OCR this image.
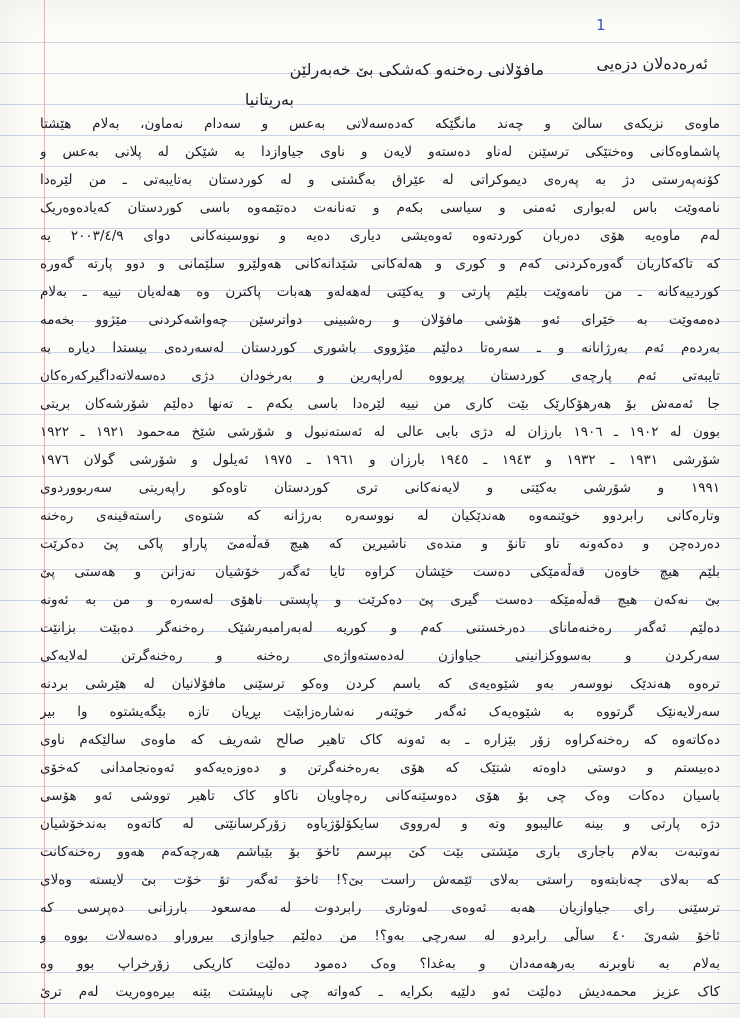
1
ئەرەدەلان دزەیی
مافۆلانی رەخنەو کەشکی بێ خەبەرلێن
بەریتانیا
ماوەی نزیکەی سالێ و چەند مانگێکە کەدەسەلاتی بەعس و سەدام نەماون، بەلام هێشتا
پاشماوەکانی وەختێکی ترسێنن لەناو دەستەو لایەن و ناوی جیاوازدا بە شێکن لە پلانی بەعس و
کۆنەپەرستی دژ بە پەرەی دیموکراتی لە عێراق بەگشتی و لە کوردستان بەتایبەتی ـ من لێرەدا
نامەوێت باس لەبواری ئەمنی و سیاسی بکەم و تەنانەت دەتێمەوە باسی کوردستان کەیادەوەریک
لەم ماوەیە هۆی دەربان کوردتەوە ئەوەیشی دیاری دەیە و نووسینەکانی دوای ٢٠٠٣/٤/٩ یە
کە تاکەکاریان گەورەکردنی کەم و کوری و هەلەکانی شێدانەکانی هەولێرو سلێمانی و دوو پارتە گەورە
کوردییەکانە ـ من نامەوێت بلێم پارتی و یەکێتی لەهەلەو هەبات پاکترن وە هەلەیان نییە ـ بەلام
دەمەوێت بە خێرای ئەو هۆشی مافۆلان و رەشبینی دواترسێن چەواشەکردنی مێژوو بخەمە
بەردەم ئەم بەرژانانە و ـ سەرەتا دەلێم مێژووی باشوری کوردستان لەسەردەی بیستدا دیارە بە
تایبەتی ئەم پارچەی کوردستان پڕبووە لەراپەرین و بەرخودان دژی دەسەلاتەداگیرکەرەکان
جا ئەمەش بۆ هەرهۆکارێک بێت کاری من نییە لێرەدا باسی بکەم ـ تەنها دەلێم شۆرشەکان بریتی
بوون لە ١٩٠٢ ـ ١٩٠٦ بارزان لە دژی بابی عالی لە ئەستەنبول و شۆرشی شێخ مەحمود ١٩٢١ ـ ١٩٢٢
شۆرشی ١٩٣١ ـ ١٩٣٢ و ١٩٤٣ ـ ١٩٤٥ بارزان و ١٩٦١ ـ ١٩٧٥ ئەیلول و شۆرشی گولان ١٩٧٦
١٩٩١ و شۆرشی بەکێتی و لایەنەکانی تری کوردستان تاوەکو راپەرینی سەربووردوی
وتارەکانی رابردوو خوێنمەوە هەندێکیان لە نووسەرە بەرژانە کە شتوەی راستەقینەی رەخنە
دەردەچن و دەکەونە ناو تانۆ و مندەی ناشیرین کە هیچ قەڵەمێ پاراو پاکی پێ دەکرێت
بلێم هیچ خاوەن قەڵەمێکی دەست خێشان کراوە ئایا ئەگەر خۆشیان نەزانن و هەستی پێ
بێ نەکەن هیچ قەڵەمێکە دەست گیری پێ دەکرێت و پاپستی ناهۆی لەسەرە و من بە ئەونە
دەلێم ئەگەر رەخنەمانای دەرخستنی کەم و کوریە لەبەرامبەرشێک رەخنەگر دەبێت بزانێت
سەرکردن و بەسووکزانینی جیاوازن لەدەستەواژەی رەخنە و رەخنەگرتن لەلایەکی
ترەوە هەندێک نووسەر بەو شێوەیەی کە باسم کردن وەکو ترسێنی مافۆلانیان لە هێرشی بردنە
سەرلایەنێک گرتووە بە شێوەیەک ئەگەر خوێنەر نەشارەزابێت بڕیان تازە بێگەیشتوە وا بیر
دەکاتەوە کە رەخنەکراوە زۆر بێزارە ـ بە ئەونە کاک تاهیر صالح شەریف کە ماوەی سالێکەم ناوی
دەبیستم و دوستی داوەتە شتێک کە هۆی بەرەخنەگرتن و دەوزەیەکەو ئەوەنجامدانی کەخۆی
باسیان دەکات وەک چی بۆ هۆی دەوسێنەکانی رەچاویان ناکاو کاک تاهیر تووشی ئەو هۆسی
دژە پارتی و بینە عالیبوو وتە و لەرووی سایکۆلۆژیاوە زۆرکرسانێتی لە کاتەوە بەندخۆشیان
نەوتبەت بەلام باجاری باری مێشتی بێت کێ بپرسم ئاخۆ بۆ بێباشم هەرچەکەم هەوو رەخنەکانت
کە بەلای چەنابتەوە راستی بەلای ئێمەش راست بێ؟! ئاخۆ ئەگەر تۆ خۆت بێ لایستە وەلای
ترسێنی رای جیاوازیان هەبە ئەوەی لەوتاری رابردوت لە مەسعود بارزانی دەپرسی کە
ئاخۆ شەرێ ٤٠ ساڵی رابردو لە سەرچی بەو؟! من دەلێم جیاوازی بیروراو دەسەلات بووە و
بەلام بە ناوبرنە بەرهەمەدان و بەغدا؟ وەک دەمود دەلێت کاریکی زۆرخراپ بوو وە
کاک عزیز محمەدیش دەلێت ئەو دلێیە بکرایە ـ کەواتە چی ناپیشتت بێنە بیرەوەریت لەم ترێ
